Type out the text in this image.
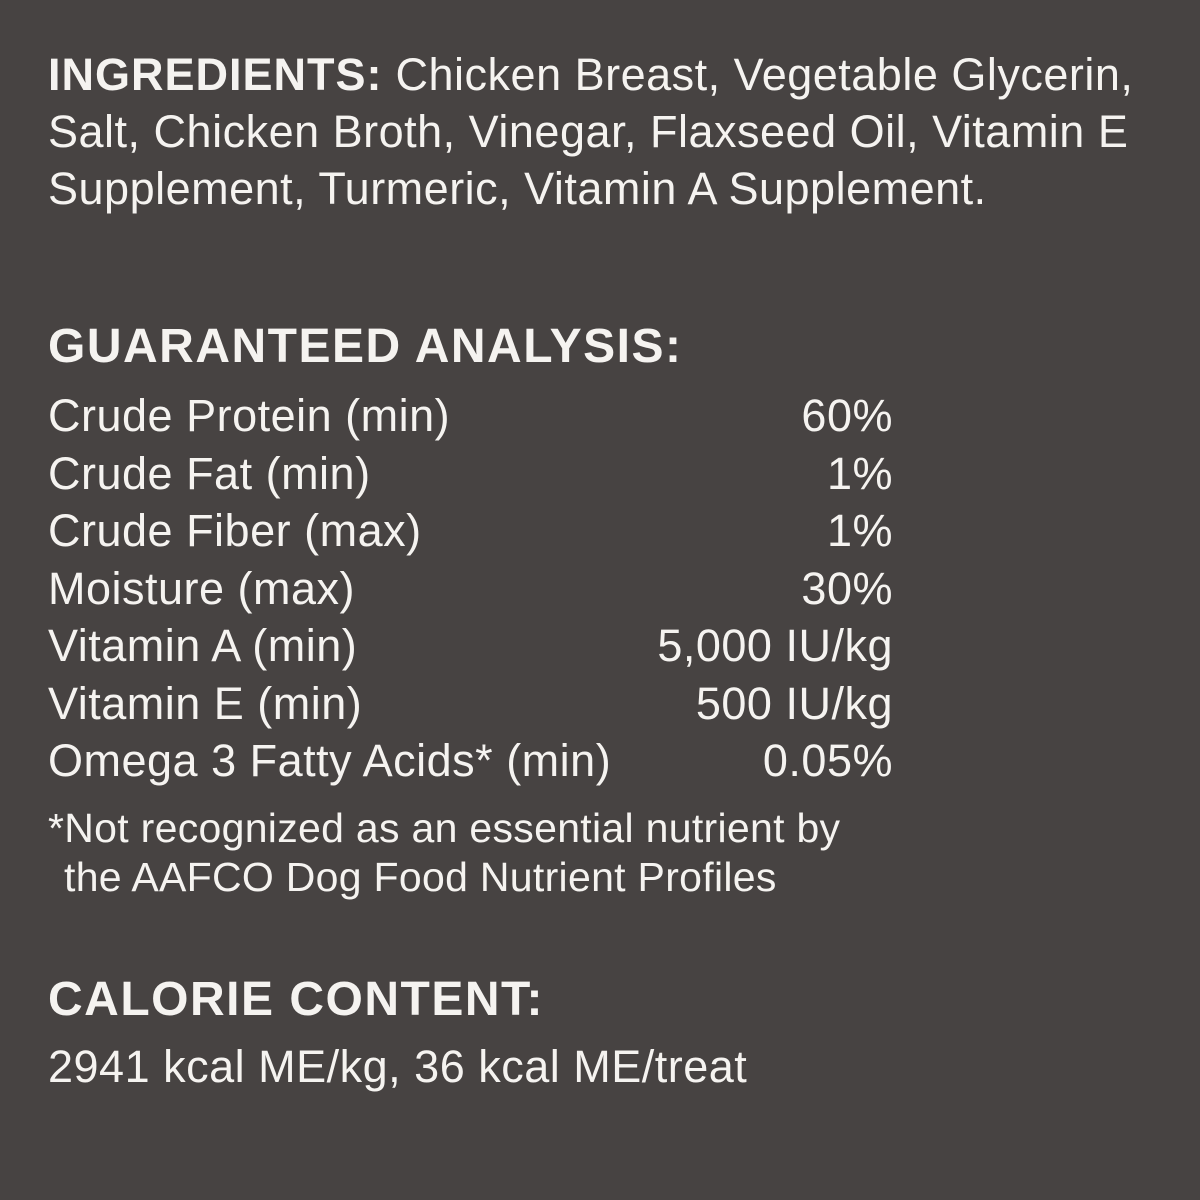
INGREDIENTS: Chicken Breast, Vegetable Glycerin, Salt, Chicken Broth, Vinegar, Flaxseed Oil, Vitamin E Supplement, Turmeric, Vitamin A Supplement.

GUARANTEED ANALYSIS:
Crude Protein (min)	60%
Crude Fat (min)	1%
Crude Fiber (max)	1%
Moisture (max)	30%
Vitamin A (min)	5,000 IU/kg
Vitamin E (min)	500 IU/kg
Omega 3 Fatty Acids* (min)	0.05%
*Not recognized as an essential nutrient by
the AAFCO Dog Food Nutrient Profiles
CALORIE CONTENT:
2941 kcal ME/kg, 36 kcal ME/treat
